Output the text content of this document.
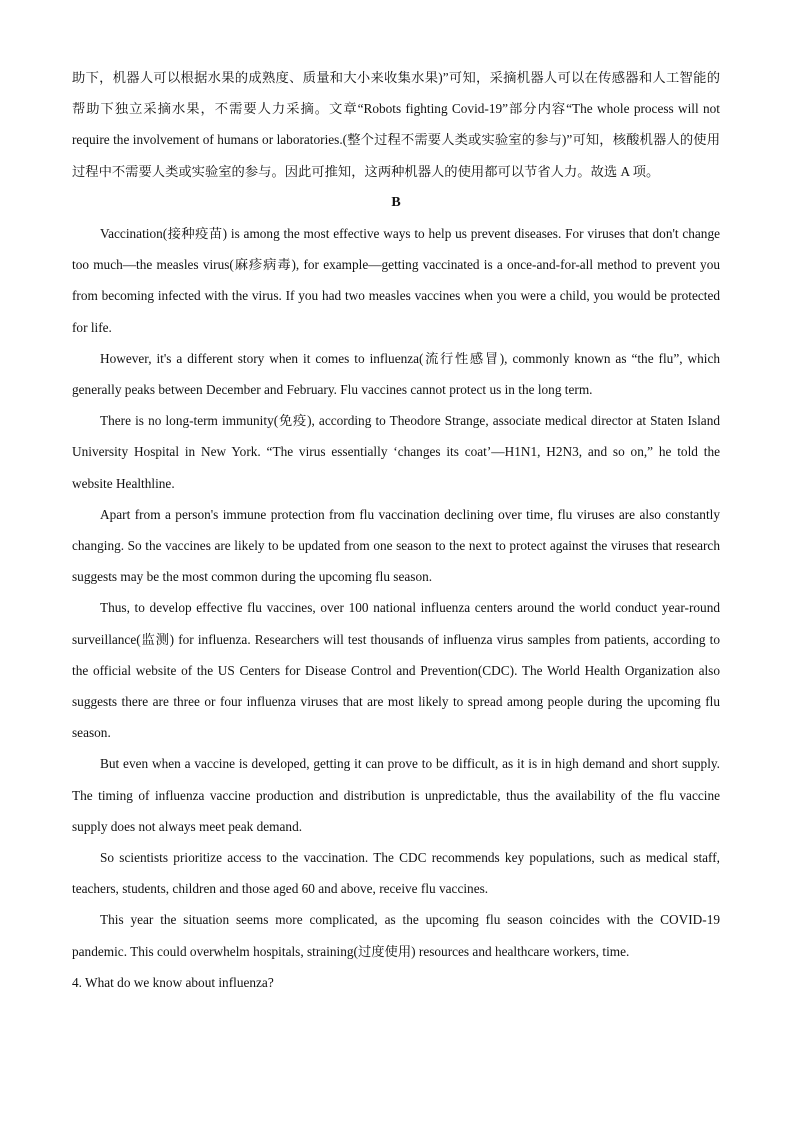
助下，机器人可以根据水果的成熟度、质量和大小来收集水果)”可知，采摘机器人可以在传感器和人工智能的帮助下独立采摘水果，不需要人力采摘。文章“Robots fighting Covid-19”部分内容“The whole process will not require the involvement of humans or laboratories.(整个过程不需要人类或实验室的参与)”可知，核酸机器人的使用过程中不需要人类或实验室的参与。因此可推知，这两种机器人的使用都可以节省人力。故选 A 项。

B

Vaccination(接种疫苗) is among the most effective ways to help us prevent diseases. For viruses that don't change too much—the measles virus(麻疹病毒), for example—getting vaccinated is a once-and-for-all method to prevent you from becoming infected with the virus. If you had two measles vaccines when you were a child, you would be protected for life.

However, it's a different story when it comes to influenza(流行性感冒), commonly known as “the flu”, which generally peaks between December and February. Flu vaccines cannot protect us in the long term.

There is no long-term immunity(免疫), according to Theodore Strange, associate medical director at Staten Island University Hospital in New York. “The virus essentially ‘changes its coat’—H1N1, H2N3, and so on,” he told the website Healthline.

Apart from a person's immune protection from flu vaccination declining over time, flu viruses are also constantly changing. So the vaccines are likely to be updated from one season to the next to protect against the viruses that research suggests may be the most common during the upcoming flu season.

Thus, to develop effective flu vaccines, over 100 national influenza centers around the world conduct year-round surveillance(监测) for influenza. Researchers will test thousands of influenza virus samples from patients, according to the official website of the US Centers for Disease Control and Prevention(CDC). The World Health Organization also suggests there are three or four influenza viruses that are most likely to spread among people during the upcoming flu season.

But even when a vaccine is developed, getting it can prove to be difficult, as it is in high demand and short supply. The timing of influenza vaccine production and distribution is unpredictable, thus the availability of the flu vaccine supply does not always meet peak demand.

So scientists prioritize access to the vaccination. The CDC recommends key populations, such as medical staff, teachers, students, children and those aged 60 and above, receive flu vaccines.

This year the situation seems more complicated, as the upcoming flu season coincides with the COVID-19 pandemic. This could overwhelm hospitals, straining(过度使用) resources and healthcare workers, time.

4. What do we know about influenza?
